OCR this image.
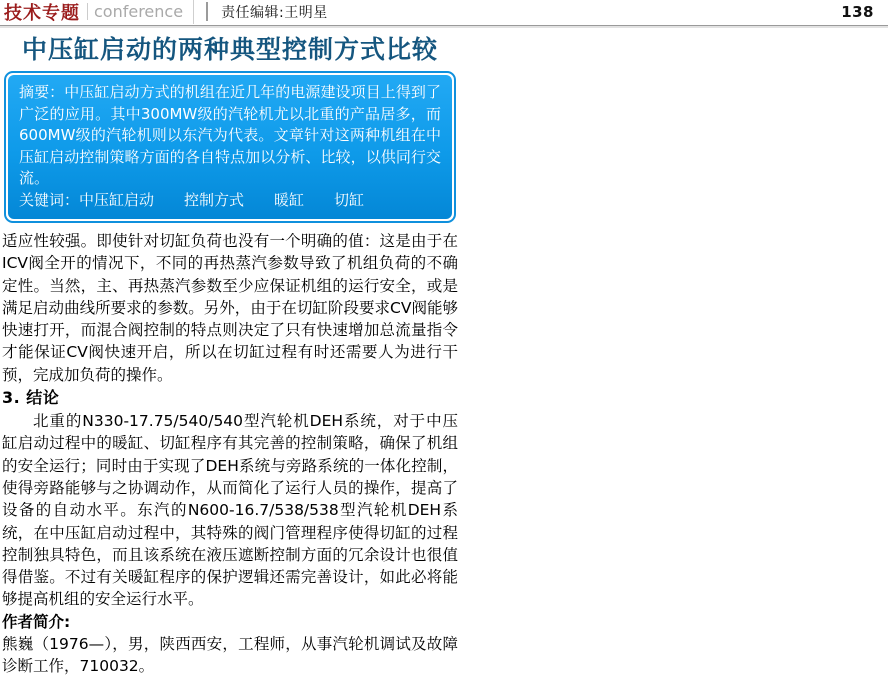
技术专题 conference	责任编辑:王明星	138
中压缸启动的两种典型控制方式比较
摘要：中压缸启动方式的机组在近几年的电源建设项目上得到了广泛的应用。其中300MW级的汽轮机尤以北重的产品居多，而600MW级的汽轮机则以东汽为代表。文章针对这两种机组在中压缸启动控制策略方面的各自特点加以分析、比较，以供同行交流。
关键词：中压缸启动　　控制方式　　暖缸　　切缸

适应性较强。即使针对切缸负荷也没有一个明确的值：这是由于在ICV阀全开的情况下，不同的再热蒸汽参数导致了机组负荷的不确定性。当然，主、再热蒸汽参数至少应保证机组的运行安全，或是满足启动曲线所要求的参数。另外，由于在切缸阶段要求CV阀能够快速打开，而混合阀控制的特点则决定了只有快速增加总流量指令才能保证CV阀快速开启，所以在切缸过程有时还需要人为进行干预，完成加负荷的操作。

3. 结论

北重的N330-17.75/540/540型汽轮机DEH系统，对于中压缸启动过程中的暖缸、切缸程序有其完善的控制策略，确保了机组的安全运行；同时由于实现了DEH系统与旁路系统的一体化控制，使得旁路能够与之协调动作，从而简化了运行人员的操作，提高了设备的自动水平。东汽的N600-16.7/538/538型汽轮机DEH系统，在中压缸启动过程中，其特殊的阀门管理程序使得切缸的过程控制独具特色，而且该系统在液压遮断控制方面的冗余设计也很值得借鉴。不过有关暖缸程序的保护逻辑还需完善设计，如此必将能够提高机组的安全运行水平。

作者简介:

熊巍（1976—），男，陕西西安，工程师，从事汽轮机调试及故障诊断工作，710032。
